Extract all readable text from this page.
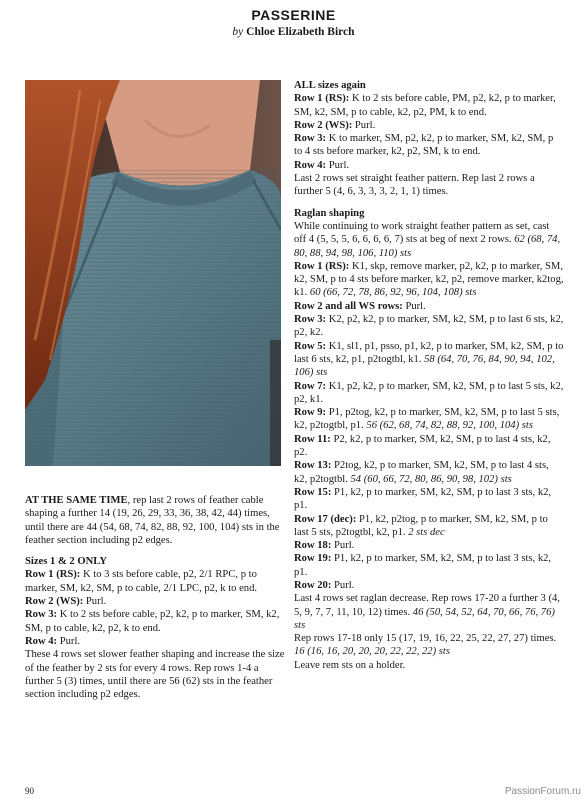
PASSERINE
by Chloe Elizabeth Birch

AT THE SAME TIME, rep last 2 rows of feather cable shaping a further 14 (19, 26, 29, 33, 36, 38, 42, 44) times, until there are 44 (54, 68, 74, 82, 88, 92, 100, 104) sts in the feather section including p2 edges.

Sizes 1 & 2 ONLY

Row 1 (RS): K to 3 sts before cable, p2, 2/1 RPC, p to marker, SM, k2, SM, p to cable, 2/1 LPC, p2, k to end.

Row 2 (WS): Purl.

Row 3: K to 2 sts before cable, p2, k2, p to marker, SM, k2, SM, p to cable, k2, p2, k to end.

Row 4: Purl.

These 4 rows set slower feather shaping and increase the size of the feather by 2 sts for every 4 rows. Rep rows 1-4 a further 5 (3) times, until there are 56 (62) sts in the feather section including p2 edges.

ALL sizes again

Row 1 (RS): K to 2 sts before cable, PM, p2, k2, p to marker, SM, k2, SM, p to cable, k2, p2, PM, k to end.

Row 2 (WS): Purl.

Row 3: K to marker, SM, p2, k2, p to marker, SM, k2, SM, p to 4 sts before marker, k2, p2, SM, k to end.

Row 4: Purl.

Last 2 rows set straight feather pattern. Rep last 2 rows a further 5 (4, 6, 3, 3, 3, 2, 1, 1) times.

Raglan shaping

While continuing to work straight feather pattern as set, cast off 4 (5, 5, 5, 6, 6, 6, 6, 7) sts at beg of next 2 rows. 62 (68, 74, 80, 88, 94, 98, 106, 110) sts

Row 1 (RS): K1, skp, remove marker, p2, k2, p to marker, SM, k2, SM, p to 4 sts before marker, k2, p2, remove marker, k2tog, k1. 60 (66, 72, 78, 86, 92, 96, 104, 108) sts

Row 2 and all WS rows: Purl.

Row 3: K2, p2, k2, p to marker, SM, k2, SM, p to last 6 sts, k2, p2, k2.

Row 5: K1, sl1, p1, psso, p1, k2, p to marker, SM, k2, SM, p to last 6 sts, k2, p1, p2togtbl, k1. 58 (64, 70, 76, 84, 90, 94, 102, 106) sts

Row 7: K1, p2, k2, p to marker, SM, k2, SM, p to last 5 sts, k2, p2, k1.

Row 9: P1, p2tog, k2, p to marker, SM, k2, SM, p to last 5 sts, k2, p2togtbl, p1. 56 (62, 68, 74, 82, 88, 92, 100, 104) sts

Row 11: P2, k2, p to marker, SM, k2, SM, p to last 4 sts, k2, p2.

Row 13: P2tog, k2, p to marker, SM, k2, SM, p to last 4 sts, k2, p2togtbl. 54 (60, 66, 72, 80, 86, 90, 98, 102) sts

Row 15: P1, k2, p to marker, SM, k2, SM, p to last 3 sts, k2, p1.

Row 17 (dec): P1, k2, p2tog, p to marker, SM, k2, SM, p to last 5 sts, p2togtbl, k2, p1. 2 sts dec

Row 18: Purl.

Row 19: P1, k2, p to marker, SM, k2, SM, p to last 3 sts, k2, p1.

Row 20: Purl.

Last 4 rows set raglan decrease. Rep rows 17-20 a further 3 (4, 5, 9, 7, 7, 11, 10, 12) times. 46 (50, 54, 52, 64, 70, 66, 76, 76) sts

Rep rows 17-18 only 15 (17, 19, 16, 22, 25, 22, 27, 27) times. 16 (16, 16, 20, 20, 20, 22, 22, 22) sts

Leave rem sts on a holder.

90	PassionForum.ru
